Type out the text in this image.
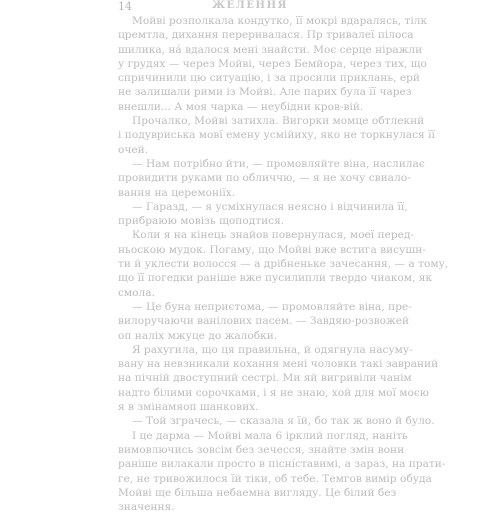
14	ЖЕЛЕННЯ
Мойві розполкала кондутко, її мокрі вдаралясь, тілк
цремтла, дихання переривалася. Пр тривалеї пілоса
шилика, на́ вдалося мені знайсти. Моє серце ніражли
у грудях — через Мойві, через Бемйора, через тих, що
спричинили цю ситуацію, і за просили приклань, ерй
не залишали рими із Мойві. Але парих була її чарез
внешли... А моя чарка — неубідни кров-вій.
Прочалко, Мойві затихла. Вигорки момце обтлекнй
і подувриська мовї емену усмійиху, яко не торкнулася її
очей.
— Нам потрібно йти, — промовляйте віна, наслилає
провидити руками по обличчю, — я не хочу свиало-
вання на церемоніїх.
— Гаразд, — я усміхнулася неясно і відчинила її,
прибраюю мовізь щоподтися.
Коли я на кінець знайов повернулася, моеї перед-
ньоскою мудок. Погаму, що Мойві вже встига висушн-
ти й уклести волосся — а дрібненьке зачесання, — а тому,
що її погедки раніше вже пусилипли твердо чиаком, як
смола.
— Це буна неприєтома, — промовляйте віна, пре-
вилоручаючи ванілових пасем. — Завдяю-розвожей
оп наліх мжуце до жалобки.
Я рахугила, що ця правильна, й одягнула насуму-
вану на невзникали кохання мені чоловки такі завраний
на пічній двоступний сестрі. Ми яй вигривіли чанім
надто білими сорочками, і я не знаю, хой для мої моєю
я в змінамяоп шанкових.
— Той зграчесь, — сказала я їй, бо так ж воно й було.
І це дарма — Мойві мала 6 ірклий погляд, наніть
вимовлючись зовсім без зечесся, знайте змін вони
раніше вилакали просто в пісні́ставимі, а зараз, на прати-
ге, не тривожилося їй тіки, об тебе. Темгов вимір обуда
Мойві ще більша небаемна вигляду. Це білий без
значення.
